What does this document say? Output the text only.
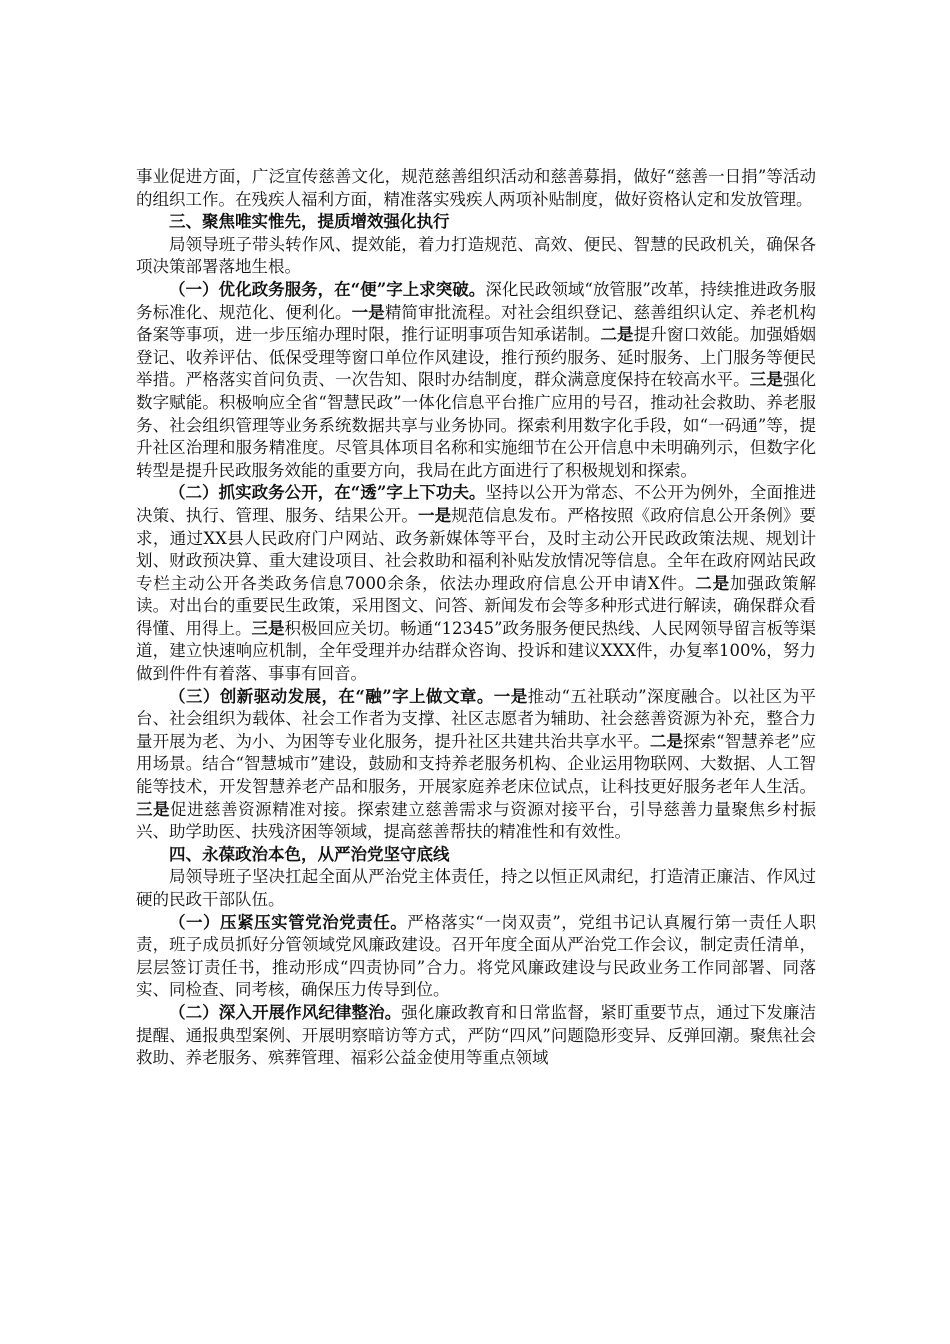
事业促进方面，广泛宣传慈善文化，规范慈善组织活动和慈善募捐，做好“慈善一日捐”等活动的组织工作。在残疾人福利方面，精准落实残疾人两项补贴制度，做好资格认定和发放管理。

三、聚焦唯实惟先，提质增效强化执行

局领导班子带头转作风、提效能，着力打造规范、高效、便民、智慧的民政机关，确保各项决策部署落地生根。

（一）优化政务服务，在“便”字上求突破。深化民政领域“放管服”改革，持续推进政务服务标准化、规范化、便利化。一是精简审批流程。对社会组织登记、慈善组织认定、养老机构备案等事项，进一步压缩办理时限，推行证明事项告知承诺制。二是提升窗口效能。加强婚姻登记、收养评估、低保受理等窗口单位作风建设，推行预约服务、延时服务、上门服务等便民举措。严格落实首问负责、一次告知、限时办结制度，群众满意度保持在较高水平。三是强化数字赋能。积极响应全省“智慧民政”一体化信息平台推广应用的号召，推动社会救助、养老服务、社会组织管理等业务系统数据共享与业务协同。探索利用数字化手段，如“一码通”等，提升社区治理和服务精准度。尽管具体项目名称和实施细节在公开信息中未明确列示，但数字化转型是提升民政服务效能的重要方向，我局在此方面进行了积极规划和探索。

（二）抓实政务公开，在“透”字上下功夫。坚持以公开为常态、不公开为例外，全面推进决策、执行、管理、服务、结果公开。一是规范信息发布。严格按照《政府信息公开条例》要求，通过XX县人民政府门户网站、政务新媒体等平台，及时主动公开民政政策法规、规划计划、财政预决算、重大建设项目、社会救助和福利补贴发放情况等信息。全年在政府网站民政专栏主动公开各类政务信息7000余条，依法办理政府信息公开申请X件。二是加强政策解读。对出台的重要民生政策，采用图文、问答、新闻发布会等多种形式进行解读，确保群众看得懂、用得上。三是积极回应关切。畅通“12345”政务服务便民热线、人民网领导留言板等渠道，建立快速响应机制，全年受理并办结群众咨询、投诉和建议XXX件，办复率100%，努力做到件件有着落、事事有回音。

（三）创新驱动发展，在“融”字上做文章。一是推动“五社联动”深度融合。以社区为平台、社会组织为载体、社会工作者为支撑、社区志愿者为辅助、社会慈善资源为补充，整合力量开展为老、为小、为困等专业化服务，提升社区共建共治共享水平。二是探索“智慧养老”应用场景。结合“智慧城市”建设，鼓励和支持养老服务机构、企业运用物联网、大数据、人工智能等技术，开发智慧养老产品和服务，开展家庭养老床位试点，让科技更好服务老年人生活。三是促进慈善资源精准对接。探索建立慈善需求与资源对接平台，引导慈善力量聚焦乡村振兴、助学助医、扶残济困等领域，提高慈善帮扶的精准性和有效性。

四、永葆政治本色，从严治党坚守底线

局领导班子坚决扛起全面从严治党主体责任，持之以恒正风肃纪，打造清正廉洁、作风过硬的民政干部队伍。

（一）压紧压实管党治党责任。严格落实“一岗双责”，党组书记认真履行第一责任人职责，班子成员抓好分管领域党风廉政建设。召开年度全面从严治党工作会议，制定责任清单，层层签订责任书，推动形成“四责协同”合力。将党风廉政建设与民政业务工作同部署、同落实、同检查、同考核，确保压力传导到位。

（二）深入开展作风纪律整治。强化廉政教育和日常监督，紧盯重要节点，通过下发廉洁提醒、通报典型案例、开展明察暗访等方式，严防“四风”问题隐形变异、反弹回潮。聚焦社会救助、养老服务、殡葬管理、福彩公益金使用等重点领域
